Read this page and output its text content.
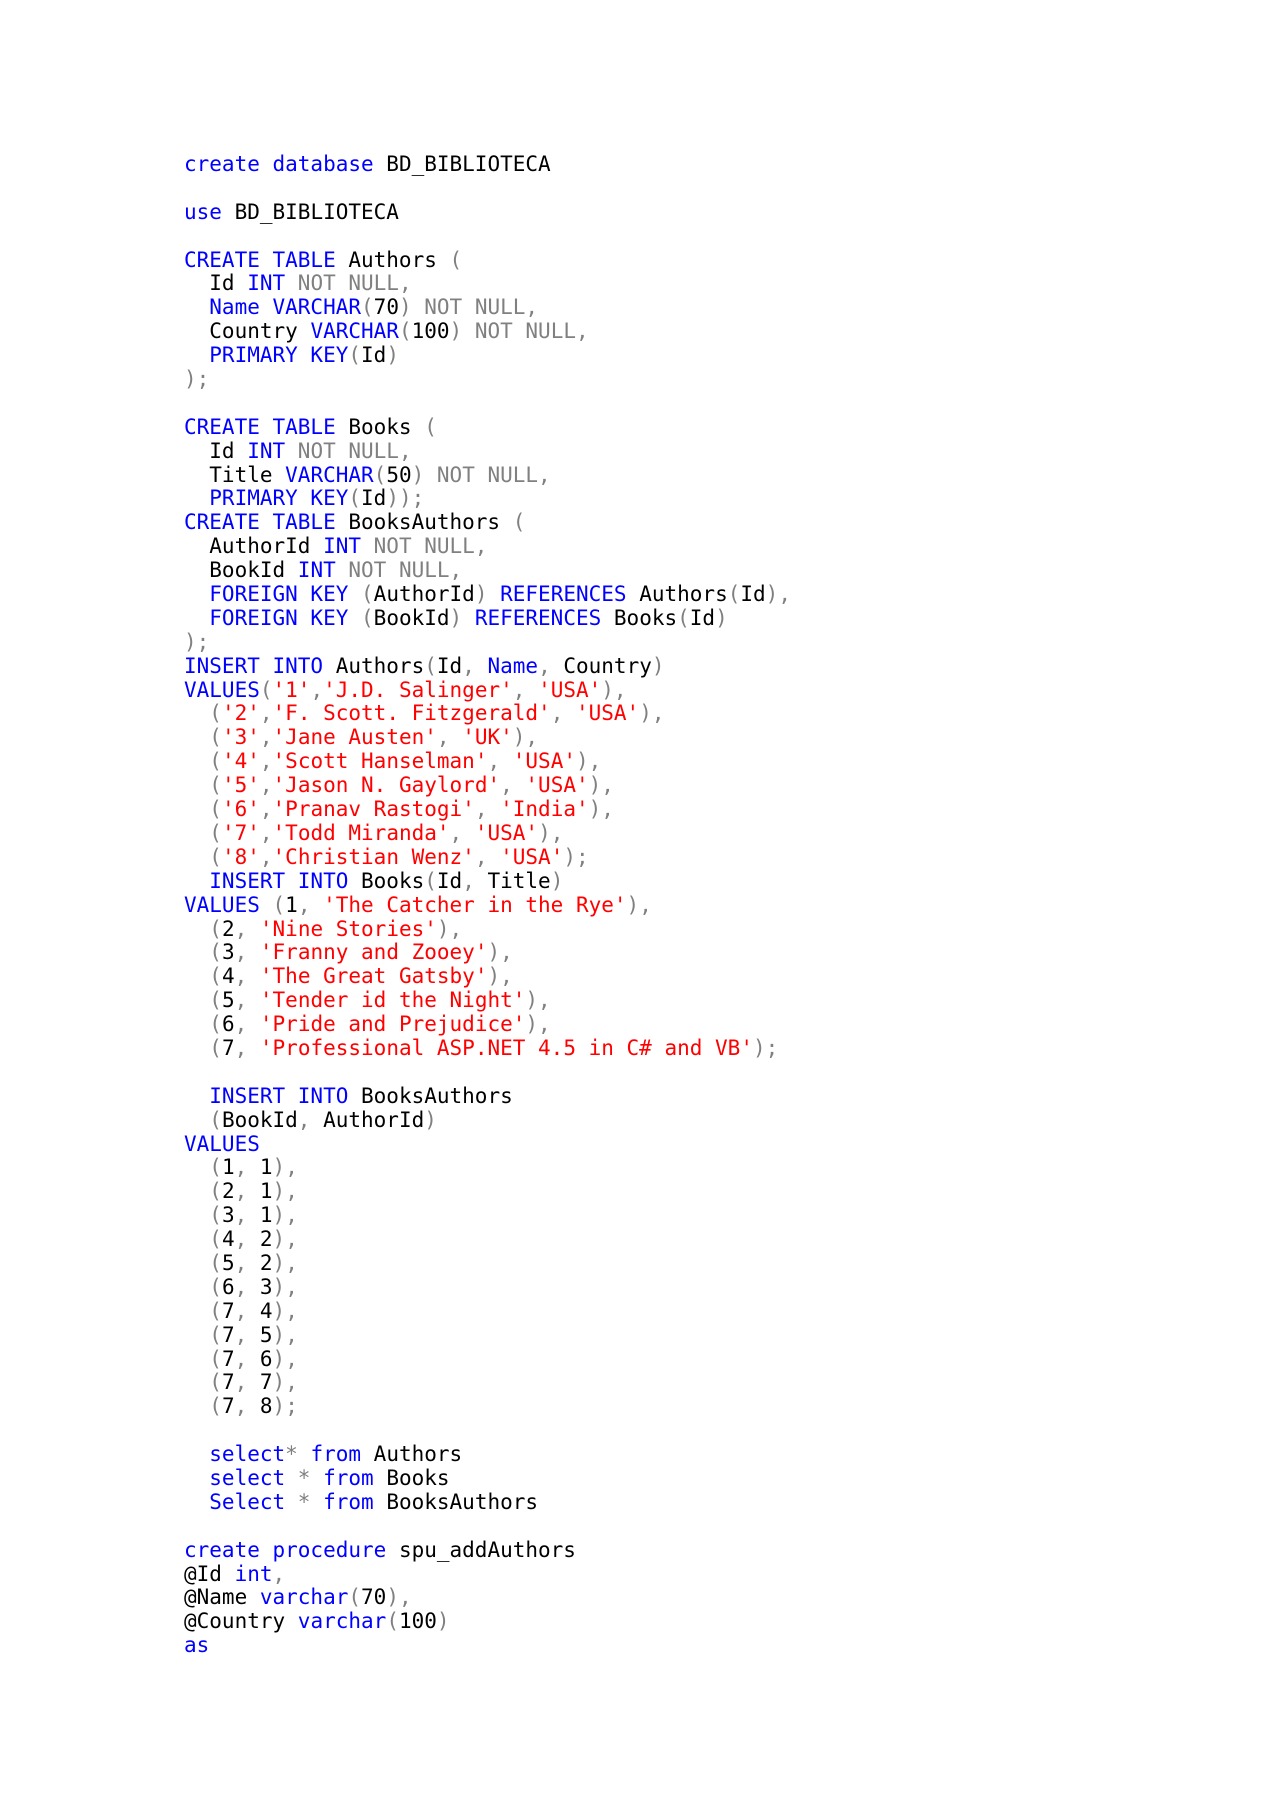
create database BD_BIBLIOTECA

use BD_BIBLIOTECA

CREATE TABLE Authors (
Id INT NOT NULL,
Name VARCHAR(70) NOT NULL,
Country VARCHAR(100) NOT NULL,
PRIMARY KEY(Id)
);

CREATE TABLE Books (
Id INT NOT NULL,
Title VARCHAR(50) NOT NULL,
PRIMARY KEY(Id));
CREATE TABLE BooksAuthors (
AuthorId INT NOT NULL,
BookId INT NOT NULL,
FOREIGN KEY (AuthorId) REFERENCES Authors(Id),
FOREIGN KEY (BookId) REFERENCES Books(Id)
);
INSERT INTO Authors(Id, Name, Country)
VALUES('1','J.D. Salinger', 'USA'),
('2','F. Scott. Fitzgerald', 'USA'),
('3','Jane Austen', 'UK'),
('4','Scott Hanselman', 'USA'),
('5','Jason N. Gaylord', 'USA'),
('6','Pranav Rastogi', 'India'),
('7','Todd Miranda', 'USA'),
('8','Christian Wenz', 'USA');
INSERT INTO Books(Id, Title)
VALUES (1, 'The Catcher in the Rye'),
(2, 'Nine Stories'),
(3, 'Franny and Zooey'),
(4, 'The Great Gatsby'),
(5, 'Tender id the Night'),
(6, 'Pride and Prejudice'),
(7, 'Professional ASP.NET 4.5 in C# and VB');

INSERT INTO BooksAuthors
(BookId, AuthorId)
VALUES
(1, 1),
(2, 1),
(3, 1),
(4, 2),
(5, 2),
(6, 3),
(7, 4),
(7, 5),
(7, 6),
(7, 7),
(7, 8);

select* from Authors
select * from Books
Select * from BooksAuthors

create procedure spu_addAuthors
@Id int,
@Name varchar(70),
@Country varchar(100)
as
